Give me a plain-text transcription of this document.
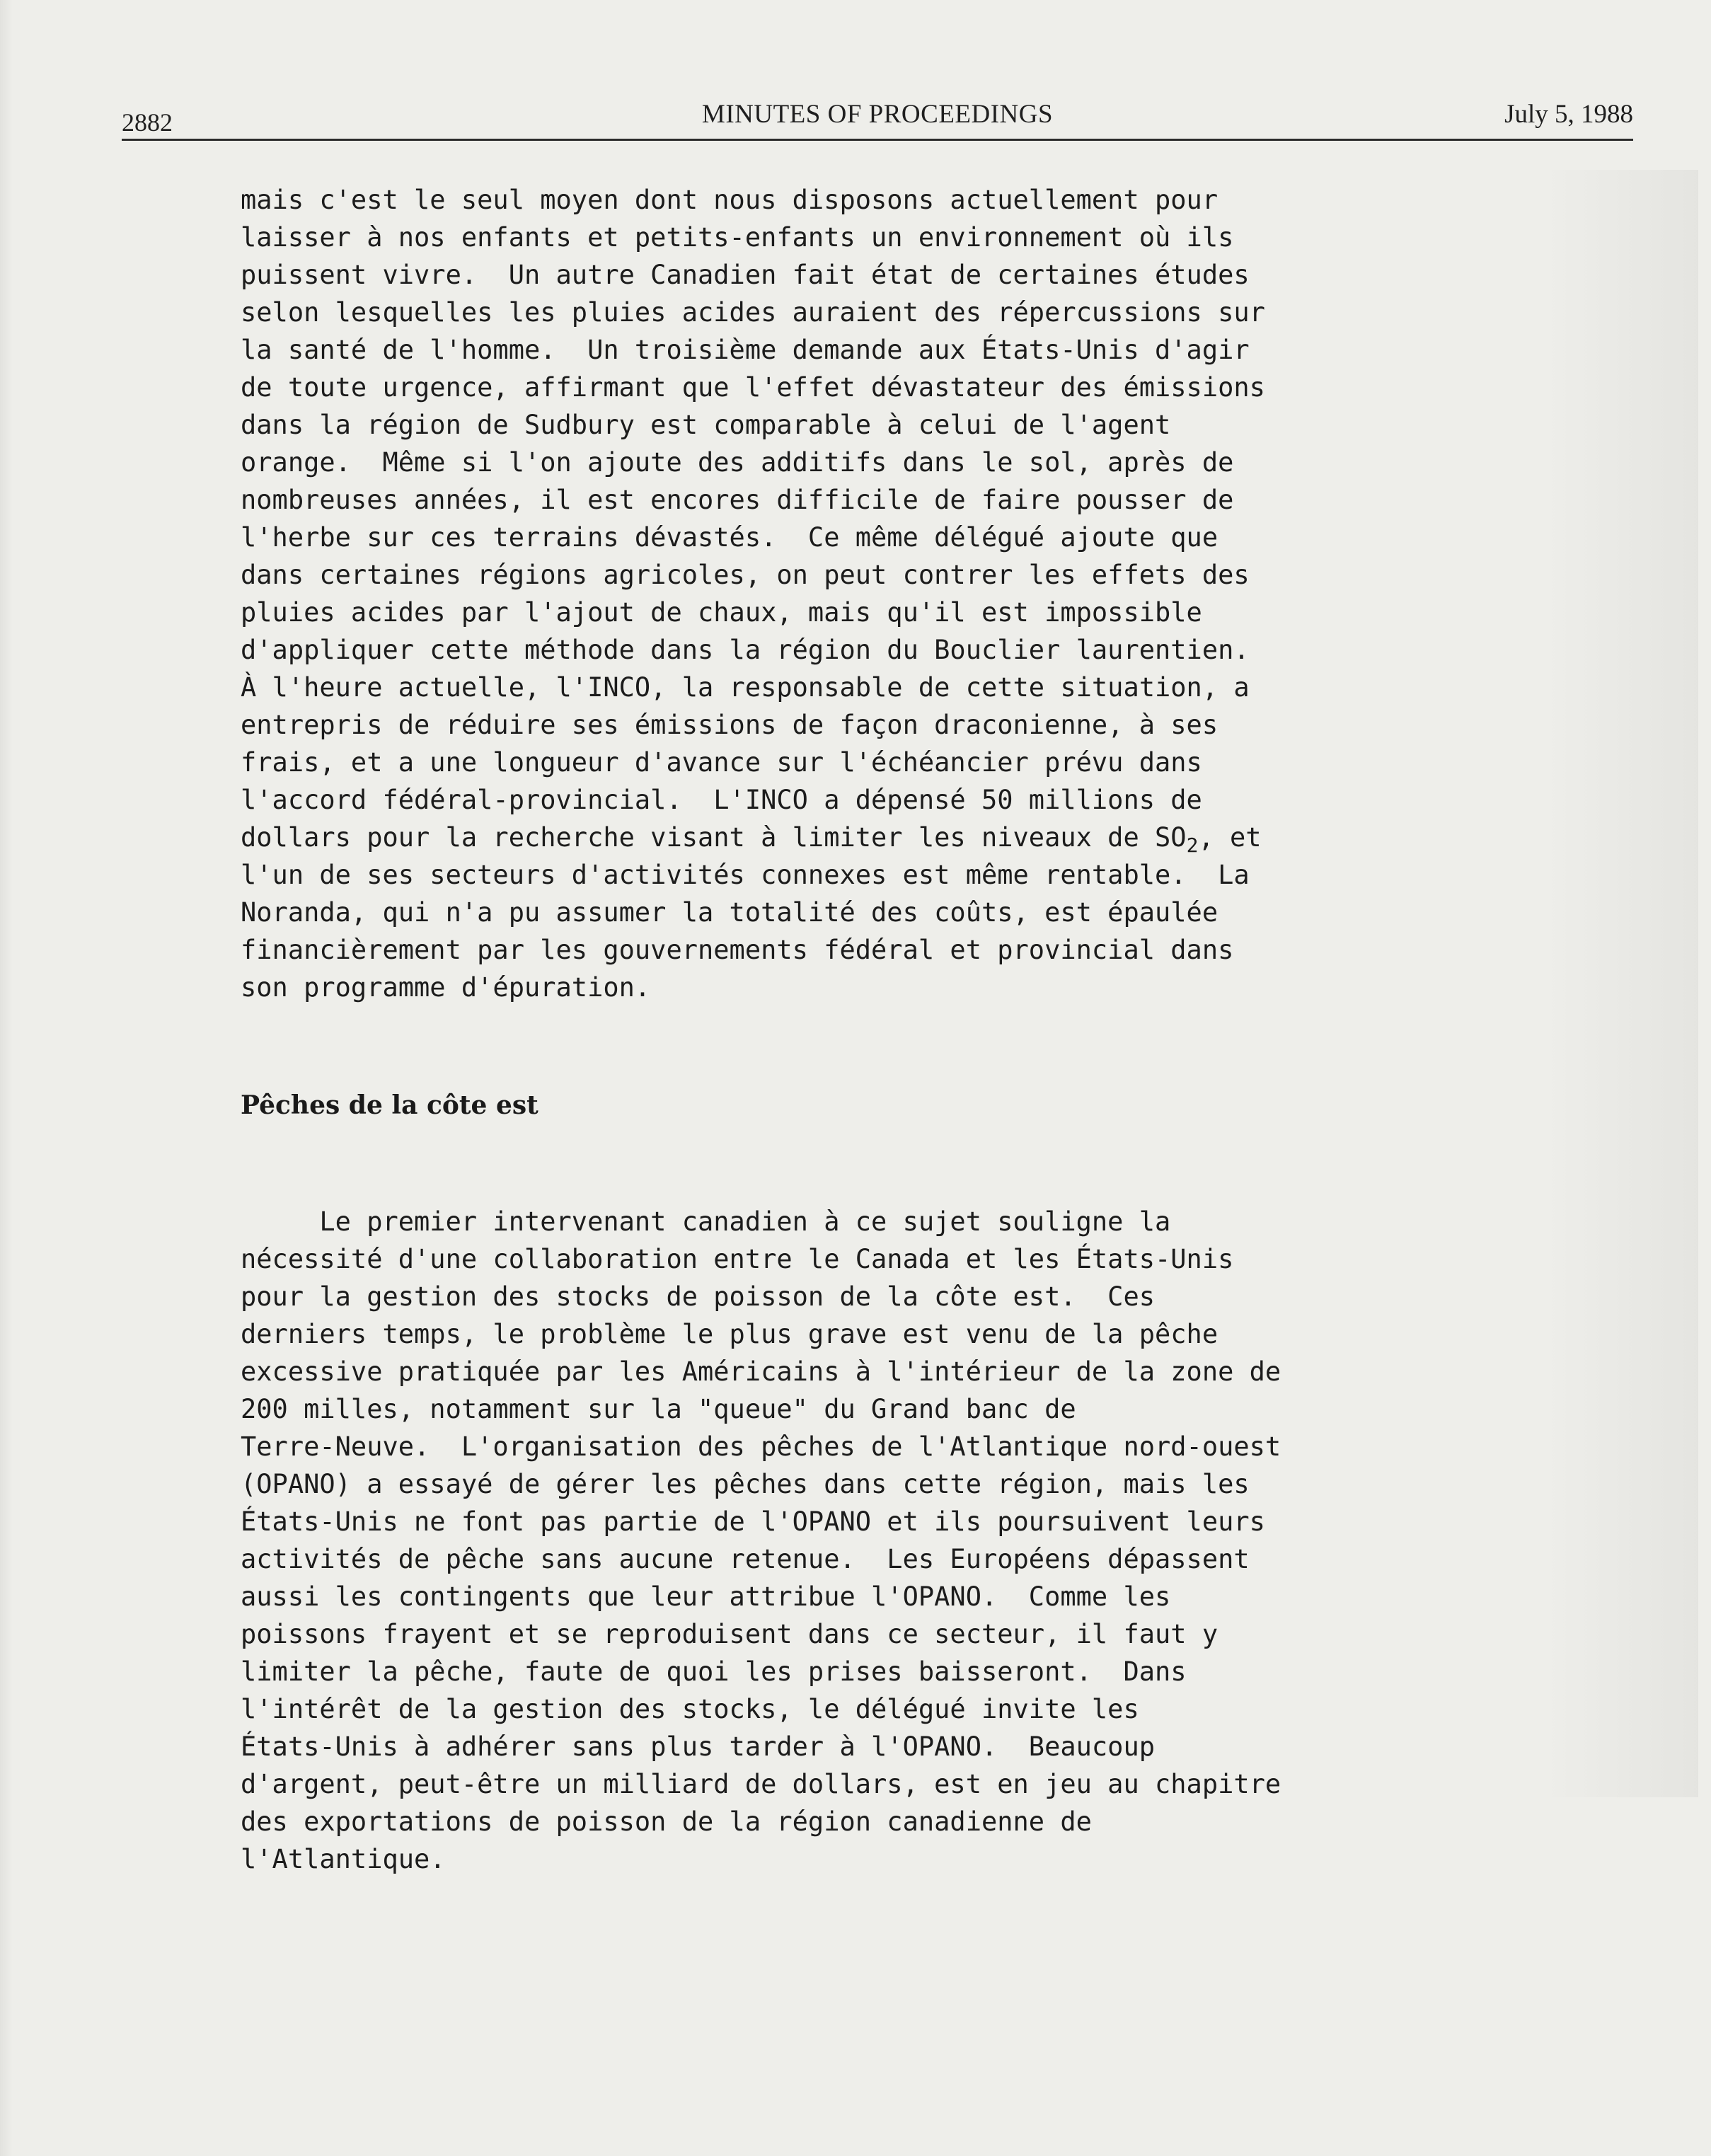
2882	MINUTES OF PROCEEDINGS	July 5, 1988
mais c'est le seul moyen dont nous disposons actuellement pour
laisser à nos enfants et petits-enfants un environnement où ils
puissent vivre.  Un autre Canadien fait état de certaines études
selon lesquelles les pluies acides auraient des répercussions sur
la santé de l'homme.  Un troisième demande aux États-Unis d'agir
de toute urgence, affirmant que l'effet dévastateur des émissions
dans la région de Sudbury est comparable à celui de l'agent
orange.  Même si l'on ajoute des additifs dans le sol, après de
nombreuses années, il est encores difficile de faire pousser de
l'herbe sur ces terrains dévastés.  Ce même délégué ajoute que
dans certaines régions agricoles, on peut contrer les effets des
pluies acides par l'ajout de chaux, mais qu'il est impossible
d'appliquer cette méthode dans la région du Bouclier laurentien.
À l'heure actuelle, l'INCO, la responsable de cette situation, a
entrepris de réduire ses émissions de façon draconienne, à ses
frais, et a une longueur d'avance sur l'échéancier prévu dans
l'accord fédéral-provincial.  L'INCO a dépensé 50 millions de
dollars pour la recherche visant à limiter les niveaux de $SO_2$, et
l'un de ses secteurs d'activités connexes est même rentable.  La
Noranda, qui n'a pu assumer la totalité des coûts, est épaulée
financièrement par les gouvernements fédéral et provincial dans
son programme d'épuration.
Pêches de la côte est
Le premier intervenant canadien à ce sujet souligne la
nécessité d'une collaboration entre le Canada et les États-Unis
pour la gestion des stocks de poisson de la côte est.  Ces
derniers temps, le problème le plus grave est venu de la pêche
excessive pratiquée par les Américains à l'intérieur de la zone de
200 milles, notamment sur la "queue" du Grand banc de
Terre-Neuve.  L'organisation des pêches de l'Atlantique nord-ouest
(OPANO) a essayé de gérer les pêches dans cette région, mais les
États-Unis ne font pas partie de l'OPANO et ils poursuivent leurs
activités de pêche sans aucune retenue.  Les Européens dépassent
aussi les contingents que leur attribue l'OPANO.  Comme les
poissons frayent et se reproduisent dans ce secteur, il faut y
limiter la pêche, faute de quoi les prises baisseront.  Dans
l'intérêt de la gestion des stocks, le délégué invite les
États-Unis à adhérer sans plus tarder à l'OPANO.  Beaucoup
d'argent, peut-être un milliard de dollars, est en jeu au chapitre
des exportations de poisson de la région canadienne de
l'Atlantique.
